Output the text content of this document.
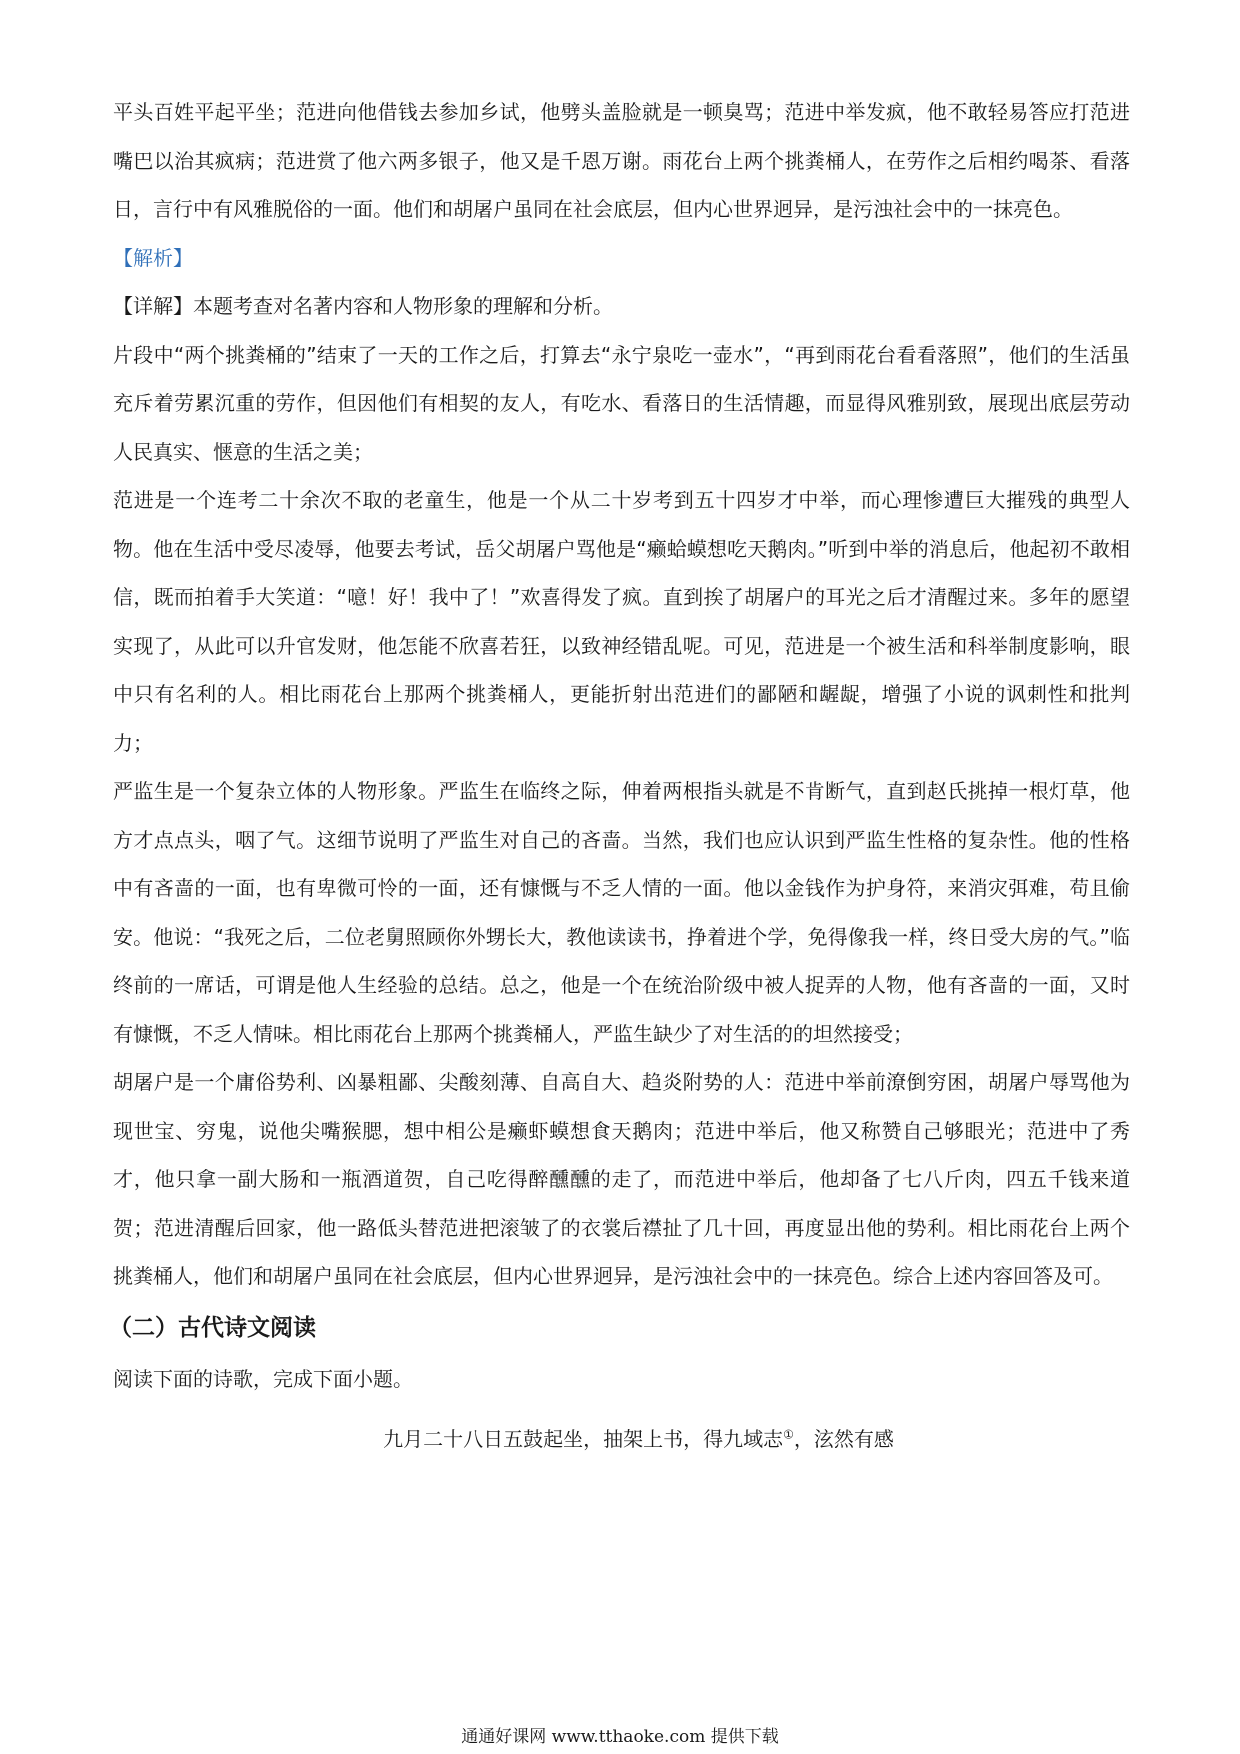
平头百姓平起平坐；范进向他借钱去参加乡试，他劈头盖脸就是一顿臭骂；范进中举发疯，他不敢轻易答应打范进嘴巴以治其疯病；范进赏了他六两多银子，他又是千恩万谢。雨花台上两个挑粪桶人，在劳作之后相约喝茶、看落日，言行中有风雅脱俗的一面。他们和胡屠户虽同在社会底层，但内心世界迥异，是污浊社会中的一抹亮色。

【解析】

【详解】本题考查对名著内容和人物形象的理解和分析。

片段中“两个挑粪桶的”结束了一天的工作之后，打算去“永宁泉吃一壶水”，“再到雨花台看看落照”，他们的生活虽充斥着劳累沉重的劳作，但因他们有相契的友人，有吃水、看落日的生活情趣，而显得风雅别致，展现出底层劳动人民真实、惬意的生活之美；

范进是一个连考二十余次不取的老童生，他是一个从二十岁考到五十四岁才中举，而心理惨遭巨大摧残的典型人物。他在生活中受尽凌辱，他要去考试，岳父胡屠户骂他是“癞蛤蟆想吃天鹅肉。”听到中举的消息后，他起初不敢相信，既而拍着手大笑道：“噫！好！我中了！”欢喜得发了疯。直到挨了胡屠户的耳光之后才清醒过来。多年的愿望实现了，从此可以升官发财，他怎能不欣喜若狂，以致神经错乱呢。可见，范进是一个被生活和科举制度影响，眼中只有名利的人。相比雨花台上那两个挑粪桶人，更能折射出范进们的鄙陋和龌龊，增强了小说的讽刺性和批判力；

严监生是一个复杂立体的人物形象。严监生在临终之际，伸着两根指头就是不肯断气，直到赵氏挑掉一根灯草，他方才点点头，咽了气。这细节说明了严监生对自己的吝啬。当然，我们也应认识到严监生性格的复杂性。他的性格中有吝啬的一面，也有卑微可怜的一面，还有慷慨与不乏人情的一面。他以金钱作为护身符，来消灾弭难，苟且偷安。他说：“我死之后，二位老舅照顾你外甥长大，教他读读书，挣着进个学，免得像我一样，终日受大房的气。”临终前的一席话，可谓是他人生经验的总结。总之，他是一个在统治阶级中被人捉弄的人物，他有吝啬的一面，又时有慷慨，不乏人情味。相比雨花台上那两个挑粪桶人，严监生缺少了对生活的的坦然接受；

胡屠户是一个庸俗势利、凶暴粗鄙、尖酸刻薄、自高自大、趋炎附势的人：范进中举前潦倒穷困，胡屠户辱骂他为现世宝、穷鬼，说他尖嘴猴腮，想中相公是癞虾蟆想食天鹅肉；范进中举后，他又称赞自己够眼光；范进中了秀才，他只拿一副大肠和一瓶酒道贺，自己吃得醉醺醺的走了，而范进中举后，他却备了七八斤肉，四五千钱来道贺；范进清醒后回家，他一路低头替范进把滚皱了的衣裳后襟扯了几十回，再度显出他的势利。相比雨花台上两个挑粪桶人，他们和胡屠户虽同在社会底层，但内心世界迥异，是污浊社会中的一抹亮色。综合上述内容回答及可。

（二）古代诗文阅读

阅读下面的诗歌，完成下面小题。

九月二十八日五鼓起坐，抽架上书，得九域志①，泫然有感
通通好课网 www.tthaoke.com 提供下载
